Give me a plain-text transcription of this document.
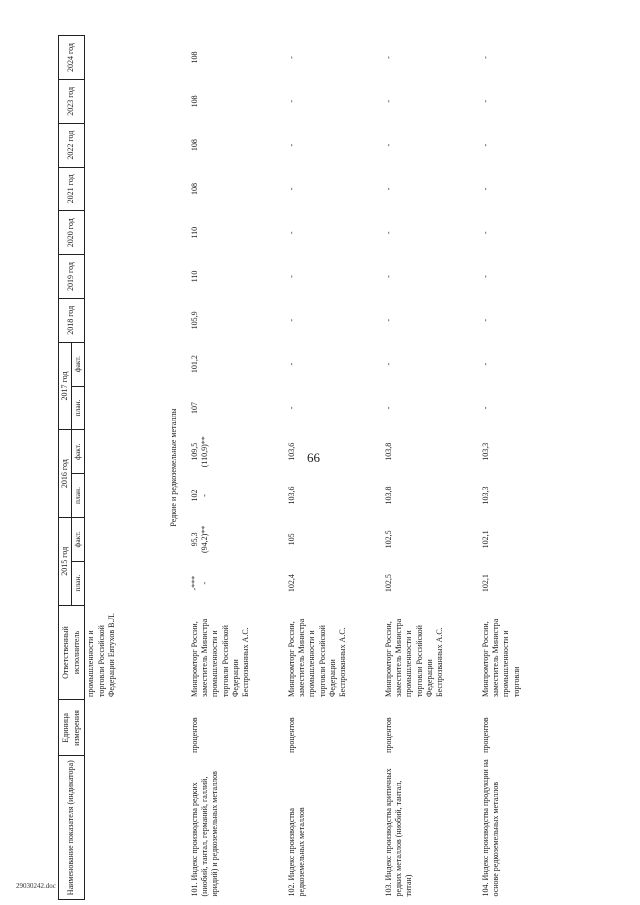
66
Наименование показателя (индикатора)	Единица измерения	Ответственный исполнитель	2015 год		2016 год		2017 год		2018 год	2019 год	2020 год	2021 год	2022 год	2023 год	2024 год
			план.	факт.	план.	факт.	план.	факт.							
		промышленности и торговли Российской Федерации Евтухов В.Л.													
Редкие и редкоземельные металлы															
101. Индекс производства редких (ниобий, тантал, германий, галлий, иридий) и редкоземельных металлов	процентов	Минпромторг России, заместитель Министра промышленности и торговли Российской Федерации Беспрозванных А.С.	-*** -	95,3 (94,2)**	102 -	109,5 (110,9)**	107	101,2	105,9	110	110	108	108	108	108
102. Индекс производства редкоземельных металлов	процентов	Минпромторг России, заместитель Министра промышленности и торговли Российской Федерации Беспрозванных А.С.	102,4	105	103,6	103,6	-	-	-	-	-	-	-	-	-
103. Индекс производства критичных редких металлов (ниобий, тантал, титан)	процентов	Минпромторг России, заместитель Министра промышленности и торговли Российской Федерации Беспрозванных А.С.	102,5	102,5	103,8	103,8	-	-	-	-	-	-	-	-	-
104. Индекс производства продукции на основе редкоземельных металлов	процентов	Минпромторг России, заместитель Министра промышленности и торговли	102,1	102,1	103,3	103,3	-	-	-	-	-	-	-	-	-
29030242.doc
